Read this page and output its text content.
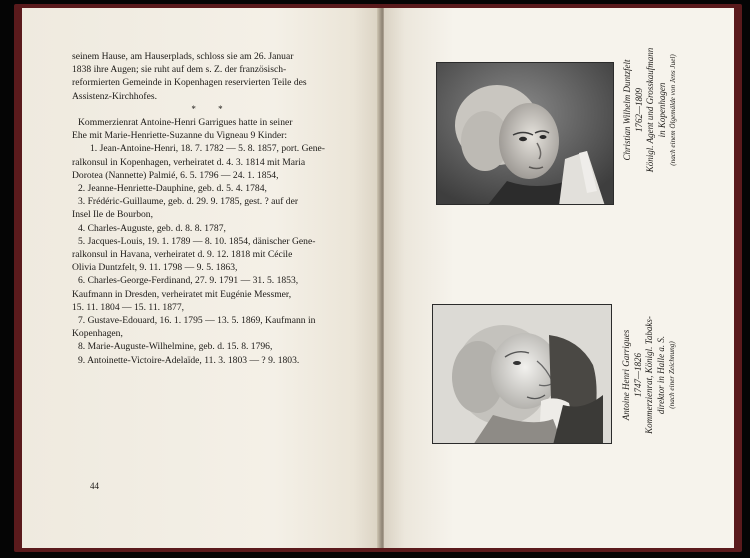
seinem Hause, am Hauserplads, schloss sie am 26. Januar

1838 ihre Augen; sie ruht auf dem s. Z. der französisch-

reformierten Gemeinde in Kopenhagen reservierten Teile des

Assistenz-Kirchhofes.

* *

Kommerzienrat Antoine-Henri Garrigues hatte in seiner

Ehe mit Marie-Henriette-Suzanne du Vigneau 9 Kinder:

1. Jean-Antoine-Henri, 18. 7. 1782 — 5. 8. 1857, port. Gene-

ralkonsul in Kopenhagen, verheiratet d. 4. 3. 1814 mit Maria

Dorotea (Nannette) Palmié, 6. 5. 1796 — 24. 1. 1854,

2. Jeanne-Henriette-Dauphine, geb. d. 5. 4. 1784,

3. Frédéric-Guillaume, geb. d. 29. 9. 1785, gest. ? auf der

Insel Ile de Bourbon,

4. Charles-Auguste, geb. d. 8. 8. 1787,

5. Jacques-Louis, 19. 1. 1789 — 8. 10. 1854, dänischer Gene-

ralkonsul in Havana, verheiratet d. 9. 12. 1818 mit Cécile

Olivia Duntzfelt, 9. 11. 1798 — 9. 5. 1863,

6. Charles-George-Ferdinand, 27. 9. 1791 — 31. 5. 1853,

Kaufmann in Dresden, verheiratet mit Eugénie Messmer,

15. 11. 1804 — 15. 11. 1877,

7. Gustave-Edouard, 16. 1. 1795 — 13. 5. 1869, Kaufmann in

Kopenhagen,

8. Marie-Auguste-Wilhelmine, geb. d. 15. 8. 1796,

9. Antoinette-Victoire-Adelaïde, 11. 3. 1803 — ? 9. 1803.

44
Christian Wilhelm Duntzfelt 1762—1809 Königl. Agent und Grosskaufmann in Kopenhagen (nach einem Ölgemälde von Jens Juel)
Antoine Henri Garrigues 1747—1826 Kommerzienrat, Königl. Tabaks- direktor in Halle a. S. (nach einer Zeichnung)
